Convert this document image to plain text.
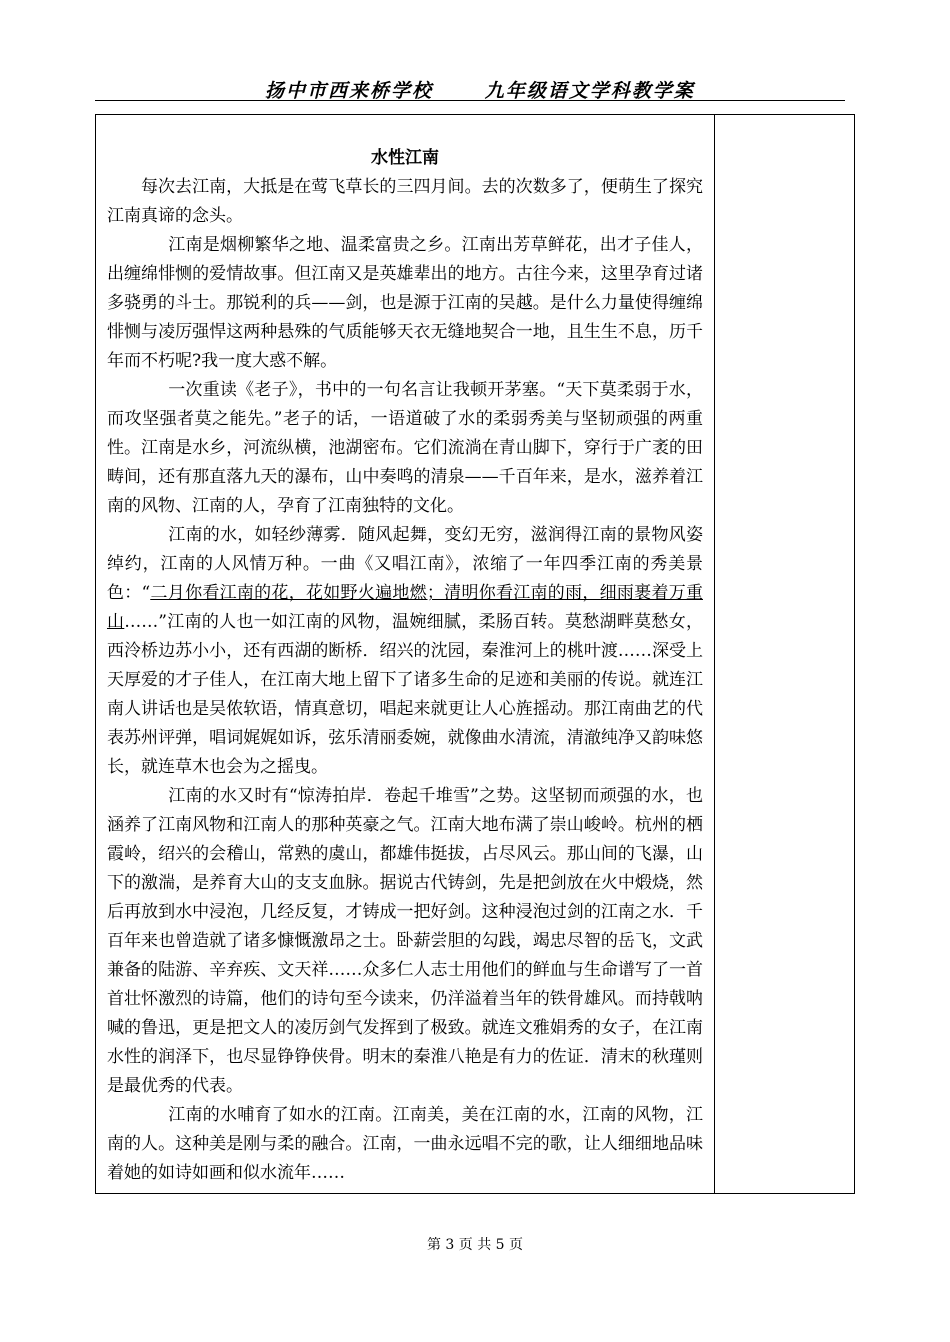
扬中市西来桥学校	九年级语文学科教学案
水性江南

每次去江南，大抵是在莺飞草长的三四月间。去的次数多了，便萌生了探究江南真谛的念头。

江南是烟柳繁华之地、温柔富贵之乡。江南出芳草鲜花，出才子佳人，出缠绵悱恻的爱情故事。但江南又是英雄辈出的地方。古往今来，这里孕育过诸多骁勇的斗士。那锐利的兵——剑，也是源于江南的吴越。是什么力量使得缠绵悱恻与凌厉强悍这两种悬殊的气质能够天衣无缝地契合一地，且生生不息，历千年而不朽呢?我一度大惑不解。

一次重读《老子》，书中的一句名言让我顿开茅塞。“天下莫柔弱于水，而攻坚强者莫之能先。”老子的话，一语道破了水的柔弱秀美与坚韧顽强的两重性。江南是水乡，河流纵横，池湖密布。它们流淌在青山脚下，穿行于广袤的田畴间，还有那直落九天的瀑布，山中奏鸣的清泉——千百年来，是水，滋养着江南的风物、江南的人，孕育了江南独特的文化。

江南的水，如轻纱薄雾．随风起舞，变幻无穷，滋润得江南的景物风姿绰约，江南的人风情万种。一曲《又唱江南》，浓缩了一年四季江南的秀美景色：“二月你看江南的花，花如野火遍地燃；清明你看江南的雨，细雨裹着万重山……”江南的人也一如江南的风物，温婉细腻，柔肠百转。莫愁湖畔莫愁女，西泠桥边苏小小，还有西湖的断桥．绍兴的沈园，秦淮河上的桃叶渡……深受上天厚爱的才子佳人，在江南大地上留下了诸多生命的足迹和美丽的传说。就连江南人讲话也是吴侬软语，情真意切，唱起来就更让人心旌摇动。那江南曲艺的代表苏州评弹，唱词娓娓如诉，弦乐清丽委婉，就像曲水清流，清澈纯净又韵味悠长，就连草木也会为之摇曳。

江南的水又时有“惊涛拍岸．卷起千堆雪”之势。这坚韧而顽强的水，也涵养了江南风物和江南人的那种英豪之气。江南大地布满了崇山峻岭。杭州的栖霞岭，绍兴的会稽山，常熟的虞山，都雄伟挺拔，占尽风云。那山间的飞瀑，山下的激湍，是养育大山的支支血脉。据说古代铸剑，先是把剑放在火中煅烧，然后再放到水中浸泡，几经反复，才铸成一把好剑。这种浸泡过剑的江南之水．千百年来也曾造就了诸多慷慨激昂之士。卧薪尝胆的勾践，竭忠尽智的岳飞，文武兼备的陆游、辛弃疾、文天祥……众多仁人志士用他们的鲜血与生命谱写了一首首壮怀激烈的诗篇，他们的诗句至今读来，仍洋溢着当年的铁骨雄风。而持戟呐喊的鲁迅，更是把文人的凌厉剑气发挥到了极致。就连文雅娟秀的女子，在江南水性的润泽下，也尽显铮铮侠骨。明末的秦淮八艳是有力的佐证．清末的秋瑾则是最优秀的代表。

江南的水哺育了如水的江南。江南美，美在江南的水，江南的风物，江南的人。这种美是刚与柔的融合。江南，一曲永远唱不完的歌，让人细细地品味着她的如诗如画和似水流年……

第 3 页 共 5 页
